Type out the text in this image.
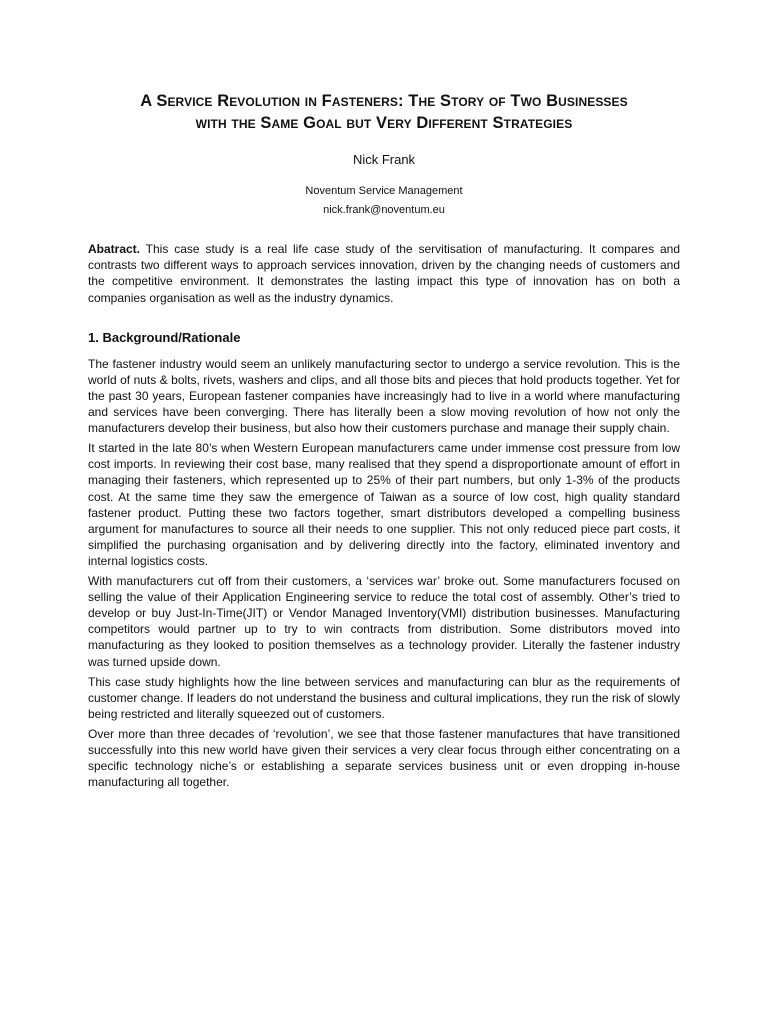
A Service Revolution in Fasteners: The Story of Two Businesses
with the Same Goal but Very Different Strategies
Nick Frank
Noventum Service Management
nick.frank@noventum.eu

Abatract. This case study is a real life case study of the servitisation of manufacturing. It compares and contrasts two different ways to approach services innovation, driven by the changing needs of customers and the competitive environment. It demonstrates the lasting impact this type of innovation has on both a companies organisation as well as the industry dynamics.

1. Background/Rationale

The fastener industry would seem an unlikely manufacturing sector to undergo a service revolution. This is the world of nuts & bolts, rivets, washers and clips, and all those bits and pieces that hold products together. Yet for the past 30 years, European fastener companies have increasingly had to live in a world where manufacturing and services have been converging. There has literally been a slow moving revolution of how not only the manufacturers develop their business, but also how their customers purchase and manage their supply chain.

It started in the late 80’s when Western European manufacturers came under immense cost pressure from low cost imports. In reviewing their cost base, many realised that they spend a disproportionate amount of effort in managing their fasteners, which represented up to 25% of their part numbers, but only 1-3% of the products cost. At the same time they saw the emergence of Taiwan as a source of low cost, high quality standard fastener product. Putting these two factors together, smart distributors developed a compelling business argument for manufactures to source all their needs to one supplier. This not only reduced piece part costs, it simplified the purchasing organisation and by delivering directly into the factory, eliminated inventory and internal logistics costs.

With manufacturers cut off from their customers, a ‘services war’ broke out. Some manufacturers focused on selling the value of their Application Engineering service to reduce the total cost of assembly. Other’s tried to develop or buy Just-In-Time(JIT) or Vendor Managed Inventory(VMI) distribution businesses. Manufacturing competitors would partner up to try to win contracts from distribution. Some distributors moved into manufacturing as they looked to position themselves as a technology provider. Literally the fastener industry was turned upside down.

This case study highlights how the line between services and manufacturing can blur as the requirements of customer change. If leaders do not understand the business and cultural implications, they run the risk of slowly being restricted and literally squeezed out of customers.

Over more than three decades of ‘revolution’, we see that those fastener manufactures that have transitioned successfully into this new world have given their services a very clear focus through either concentrating on a specific technology niche’s or establishing a separate services business unit or even dropping in-house manufacturing all together.
